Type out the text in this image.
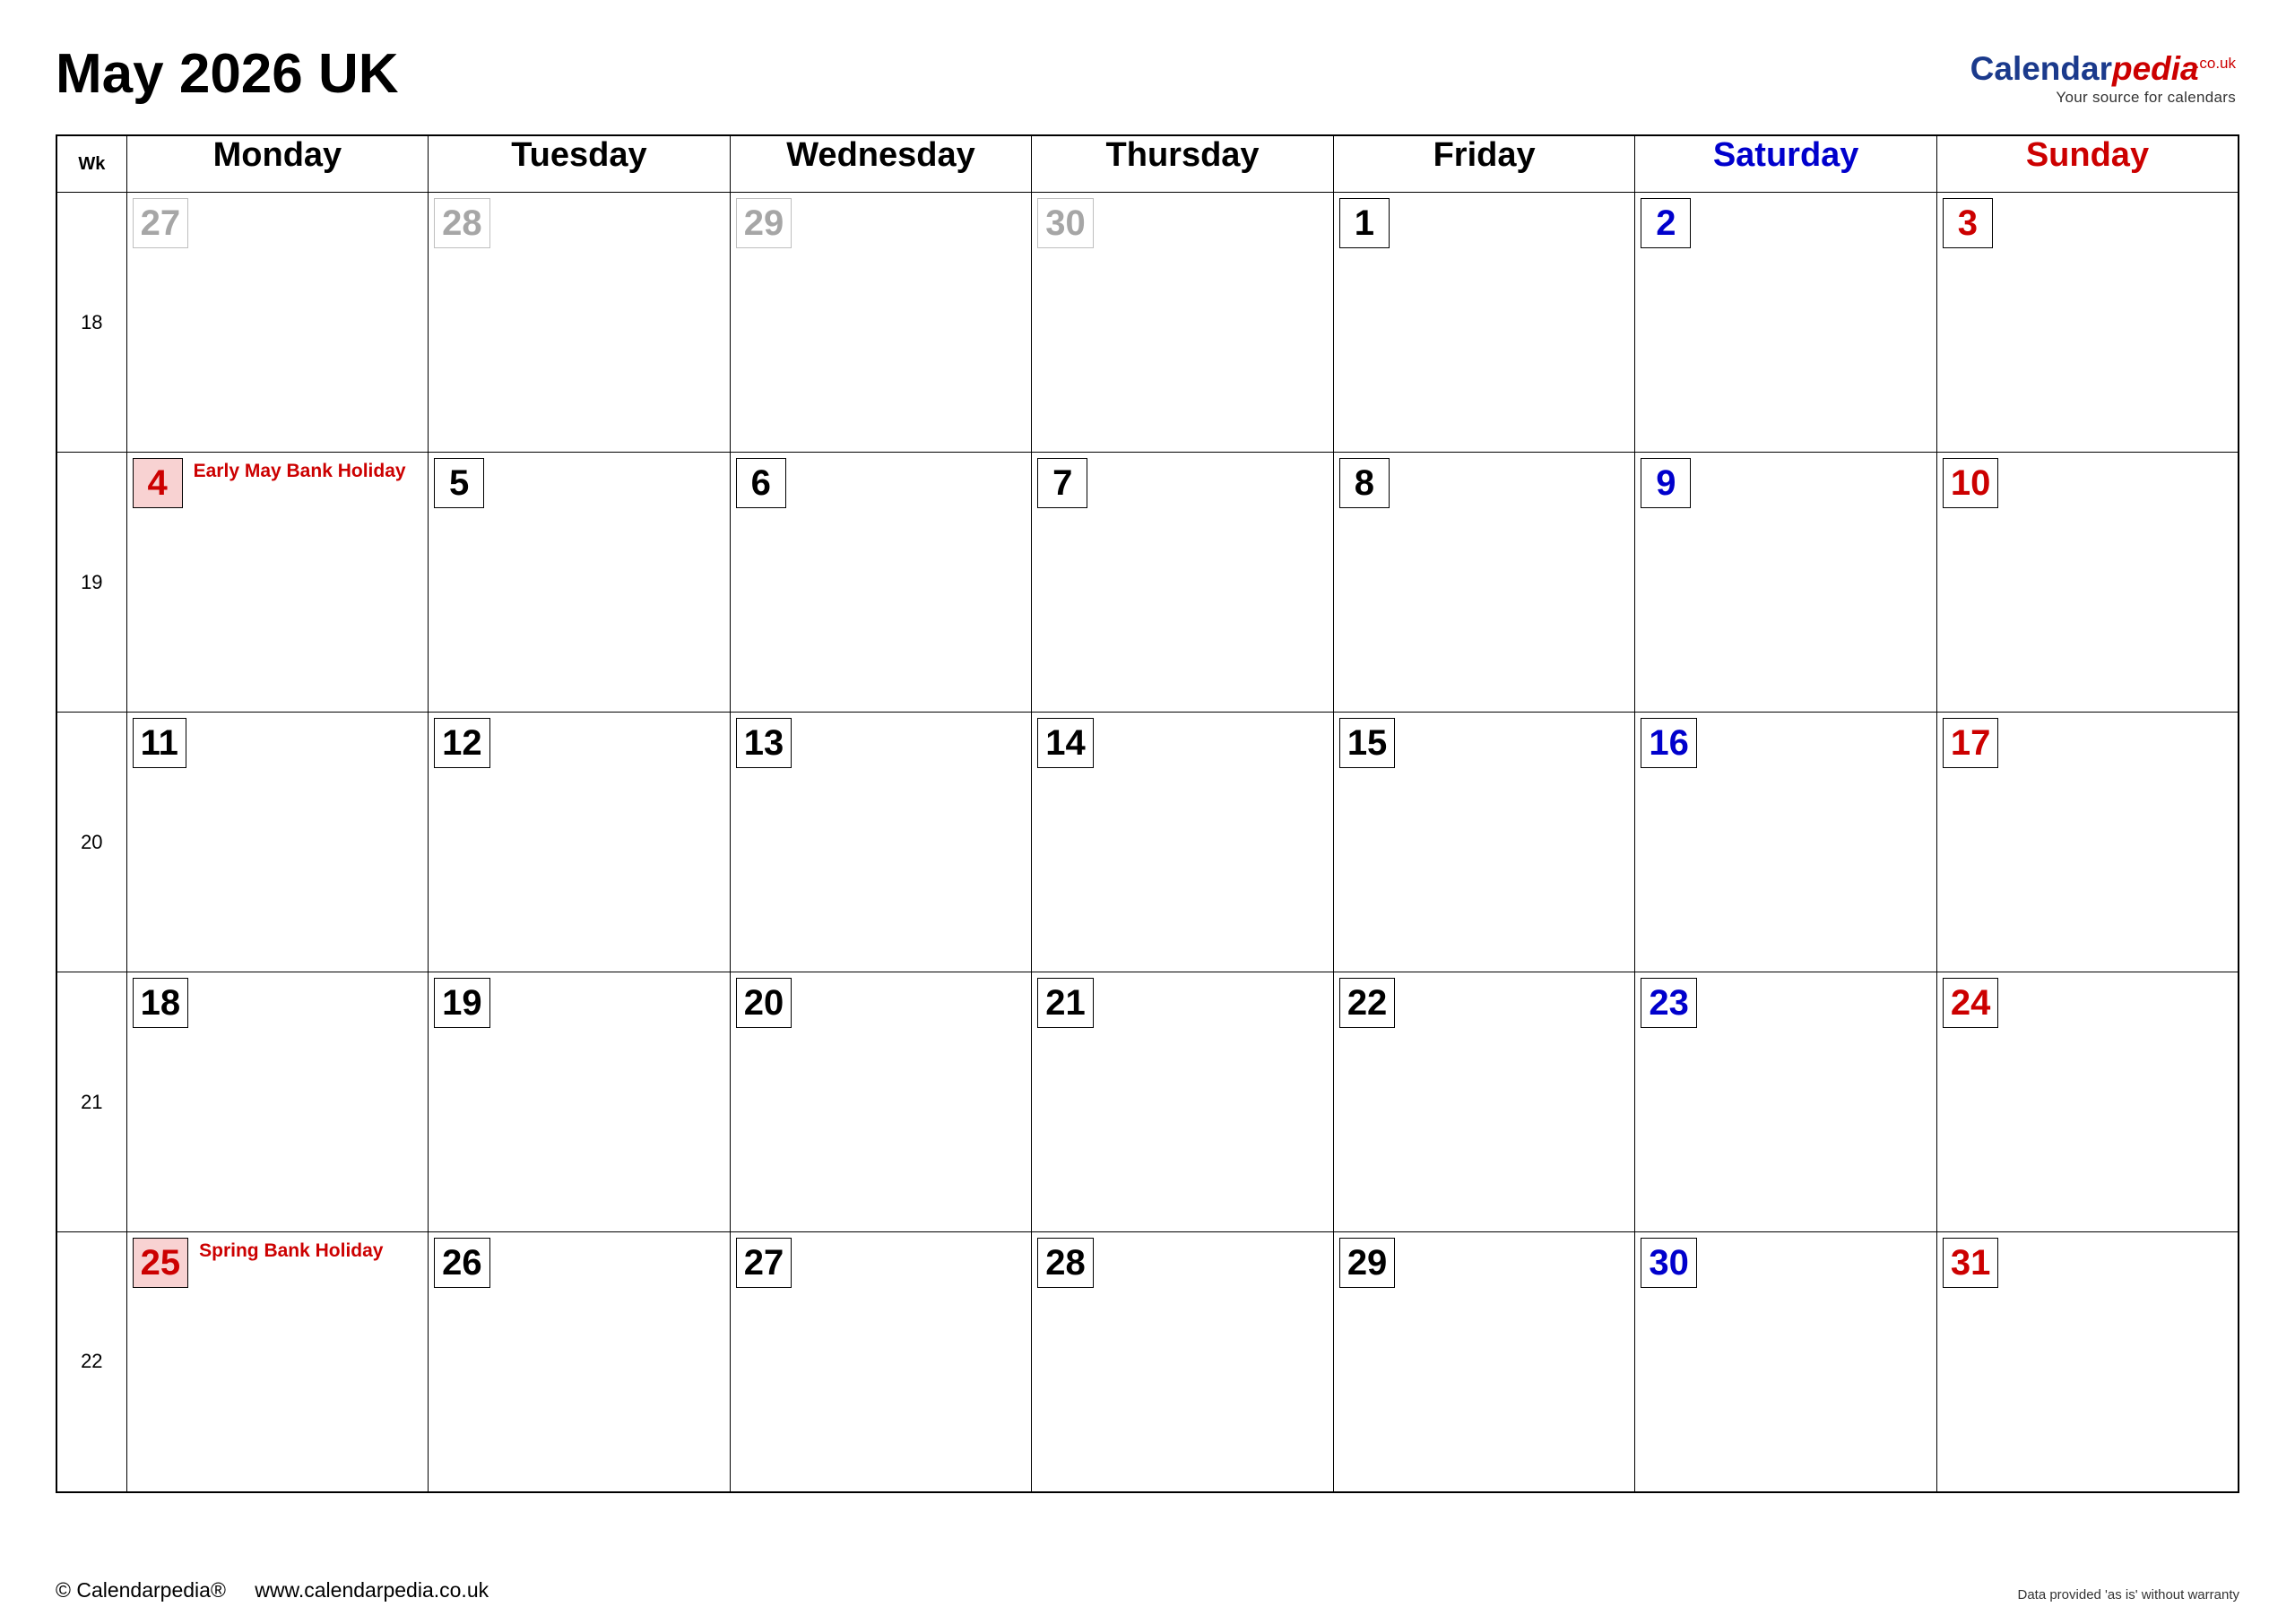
May 2026 UK	Calendarpedia$^{.co.uk}$
Your source for calendars
Wk	Monday	Tuesday	Wednesday	Thursday	Friday	Saturday	Sunday
18	27	28	29	30	1	2	3

19	4 Early May Bank Holiday	5	6	7	8	9	10

20	11	12	13	14	15	16	17

21	18	19	20	21	22	23	24

22	25 Spring Bank Holiday	26	27	28	29	30	31
© Calendarpedia® www.calendarpedia.co.uk	Data provided 'as is' without warranty
